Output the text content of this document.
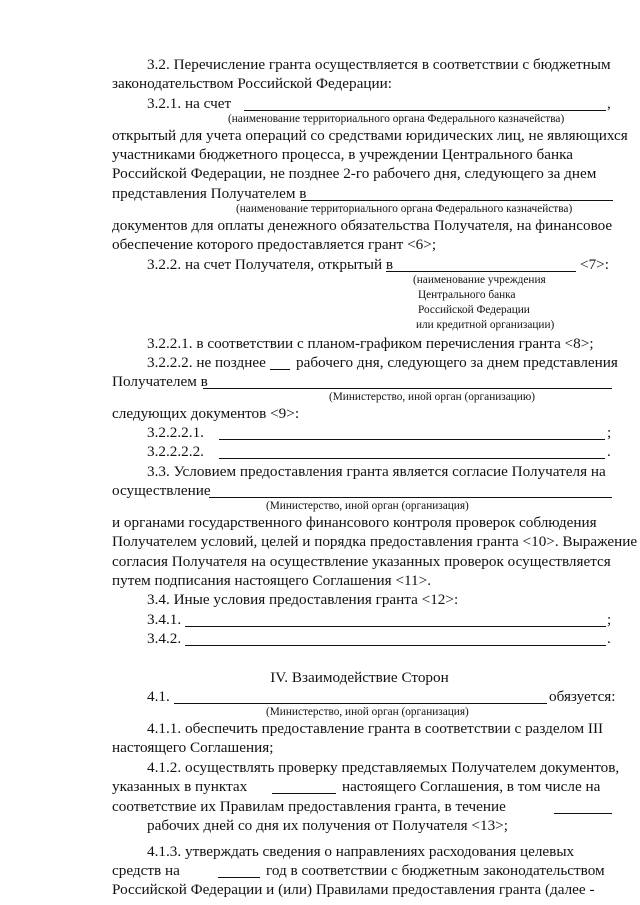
3.2. Перечисление гранта осуществляется в соответствии с бюджетным
законодательством Российской Федерации:
3.2.1. на счет	,
(наименование территориального органа Федерального казначейства)
открытый для учета операций со средствами юридических лиц, не являющихся
участниками бюджетного процесса, в учреждении Центрального банка
Российской Федерации, не позднее 2-го рабочего дня, следующего за днем
представления Получателем в
(наименование территориального органа Федерального казначейства)
документов для оплаты денежного обязательства Получателя, на финансовое
обеспечение которого предоставляется грант <6>;
3.2.2. на счет Получателя, открытый в	<7>:
(наименование учреждения
Центрального банка
Российской Федерации
или кредитной организации)
3.2.2.1. в соответствии с планом-графиком перечисления гранта <8>;
3.2.2.2. не позднее рабочего дня, следующего за днем представления
Получателем в
(Министерство, иной орган (организацию)
следующих документов <9>:
3.2.2.2.1.	;
3.2.2.2.2.	.
3.3. Условием предоставления гранта является согласие Получателя на
осуществление
(Министерство, иной орган (организация)
и органами государственного финансового контроля проверок соблюдения
Получателем условий, целей и порядка предоставления гранта <10>. Выражение
согласия Получателя на осуществление указанных проверок осуществляется
путем подписания настоящего Соглашения <11>.
3.4. Иные условия предоставления гранта <12>:
3.4.1.	;
3.4.2.	.
IV. Взаимодействие Сторон
4.1.	обязуется:
(Министерство, иной орган (организация)
4.1.1. обеспечить предоставление гранта в соответствии с разделом III
настоящего Соглашения;
4.1.2. осуществлять проверку представляемых Получателем документов,
указанных в пунктах	настоящего Соглашения, в том числе на
соответствие их Правилам предоставления гранта, в течение
рабочих дней со дня их получения от Получателя <13>;
4.1.3. утверждать сведения о направлениях расходования целевых
средств на	год в соответствии с бюджетным законодательством
Российской Федерации и (или) Правилами предоставления гранта (далее -
